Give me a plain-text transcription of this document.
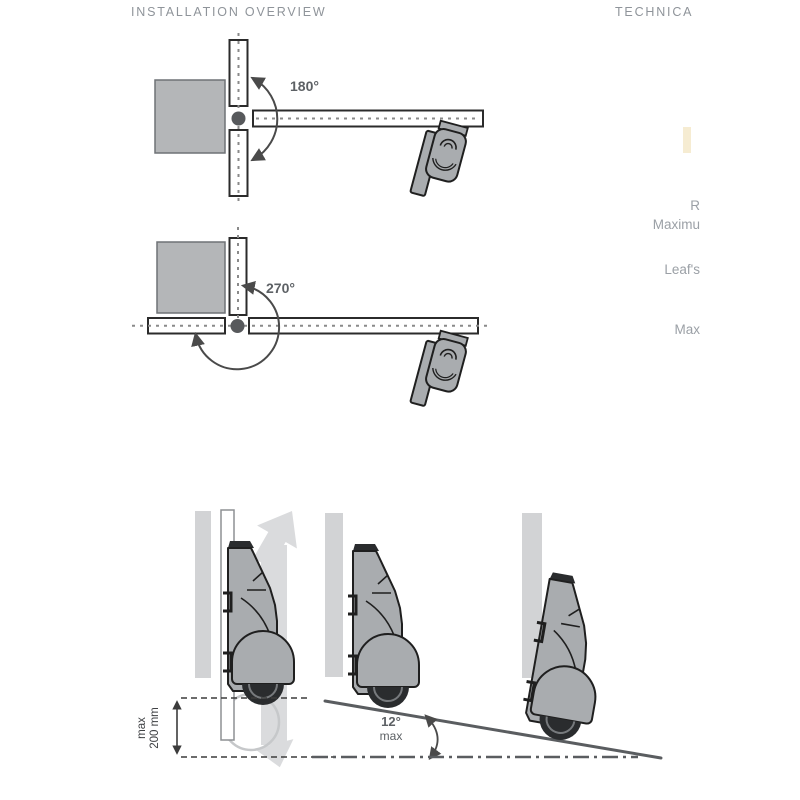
INSTALLATION OVERVIEW	TECHNICA
R
Maximu
Leaf's
Max
180°
270°
12°
max
max 200 mm
